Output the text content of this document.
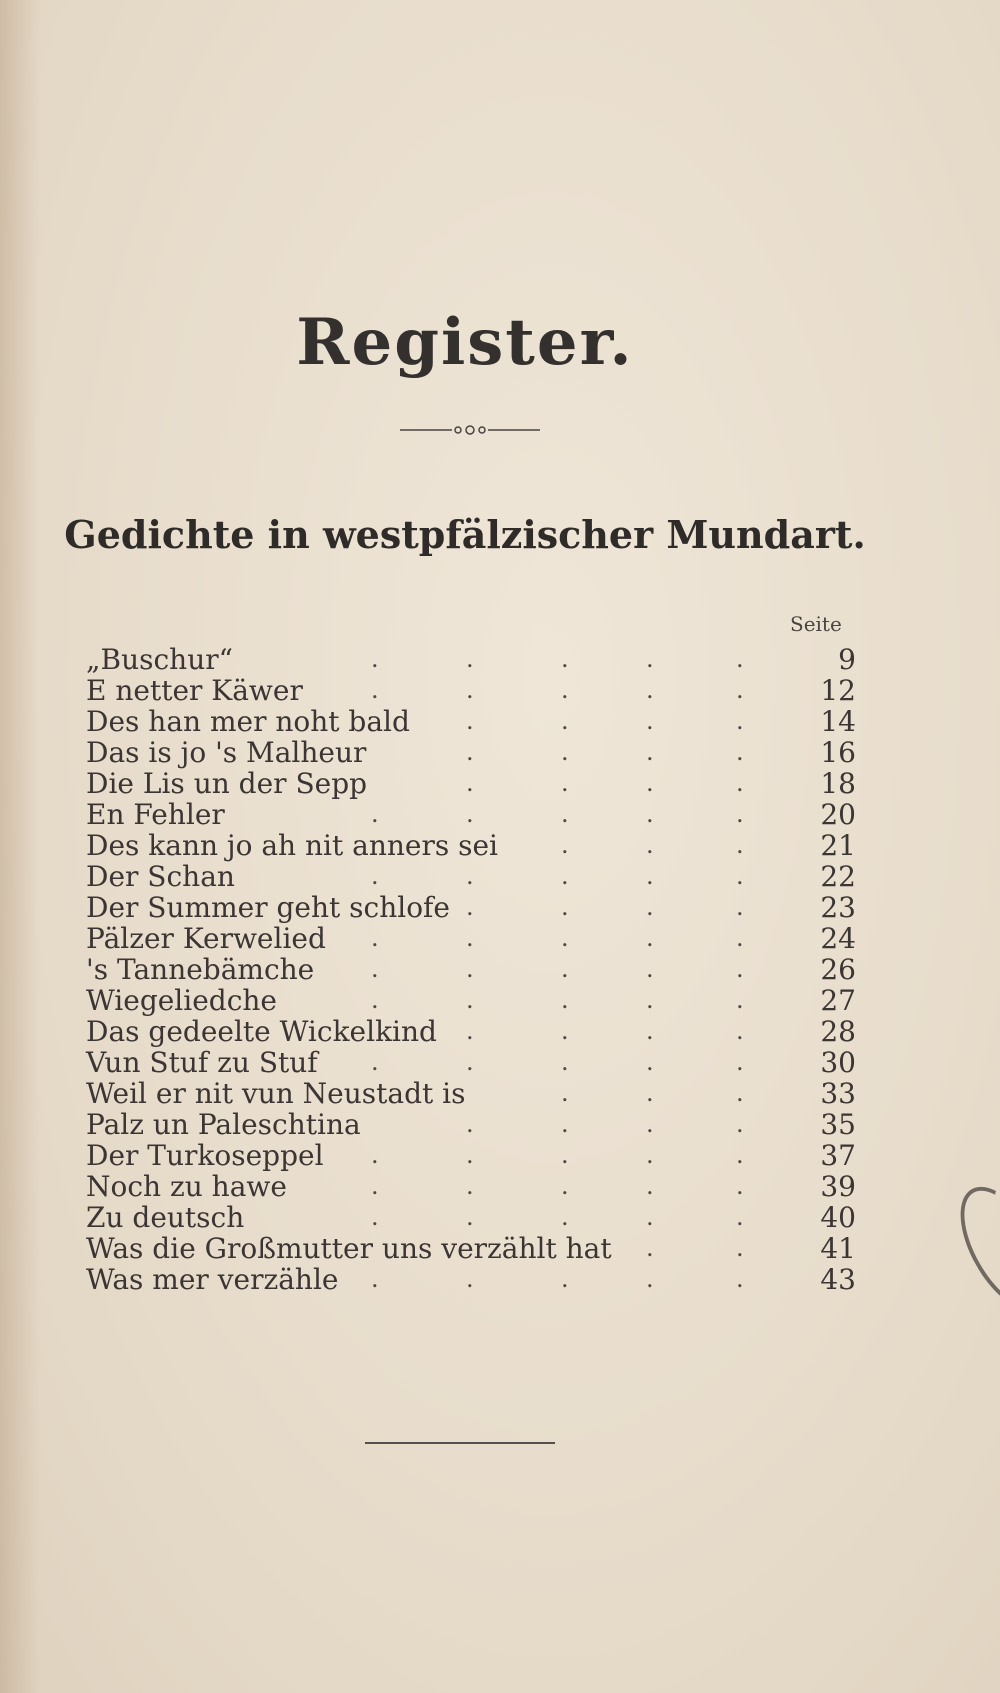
Register.
Gedichte in westpfälzischer Mundart.
Seite
„Buschur“	.	.	.	.	.	9
E netter Käwer	.	.	.	.	.	12
Des han mer noht bald .	.	.	.	14
Das is jo 's Malheur	.	.	.	.	16
Die Lis un der Sepp	.	.	.	.	18
En Fehler	.	.	.	.	.	20
Des kann jo ah nit anners sei	.	.	.	21
Der Schan	.	.	.	.	.	22
Der Summer geht schlofe .	.	.	.	23
Pälzer Kerwelied .	.	.	.	.	24
's Tannebämche .	.	.	.	.	26
Wiegeliedche	.	.	.	.	.	27
Das gedeelte Wickelkind .	.	.	.	28
Vun Stuf zu Stuf .	.	.	.	.	30
Weil er nit vun Neustadt is	.	.	.	33
Palz un Paleschtina	.	.	.	.	35
Der Turkoseppel .	.	.	.	.	37
Noch zu hawe	.	.	.	.	.	39
Zu deutsch	.	.	.	.	.	40
Was die Großmutter uns verzählt hat .	.	41
Was mer verzähle .	.	.	.	.	43
